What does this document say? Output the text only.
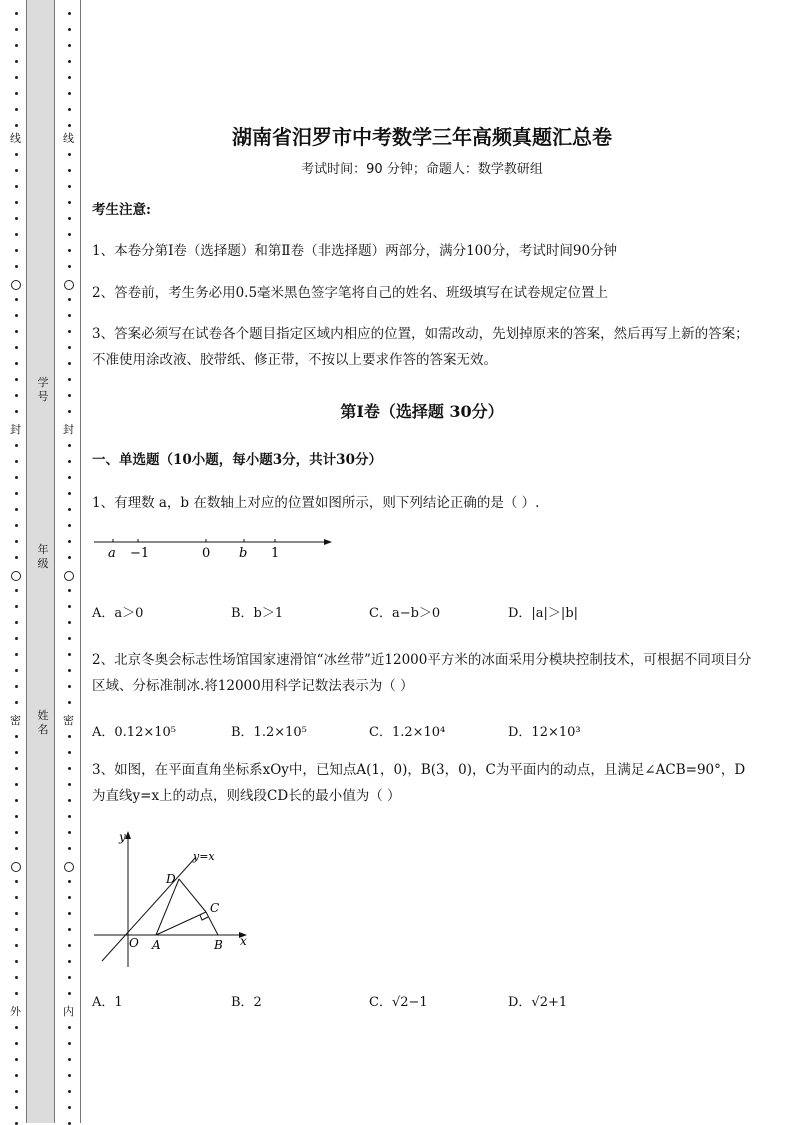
学号
年级
姓名
湖南省汨罗市中考数学三年高频真题汇总卷
考试时间：90 分钟；命题人：数学教研组
考生注意:
1、本卷分第I卷（选择题）和第Ⅱ卷（非选择题）两部分，满分100分，考试时间90分钟
2、答卷前，考生务必用0.5毫米黑色签字笔将自己的姓名、班级填写在试卷规定位置上
3、答案必须写在试卷各个题目指定区域内相应的位置，如需改动，先划掉原来的答案，然后再写上新的答案；不准使用涂改液、胶带纸、修正带，不按以上要求作答的答案无效。
第I卷（选择题 30分）
一、单选题（10小题，每小题3分，共计30分）
1、有理数 a，b 在数轴上对应的位置如图所示，则下列结论正确的是（ ）.
a −1	0 b 1
A．a＞0	B．b＞1	C．a−b＞0	D．|a|＞|b|
2、北京冬奥会标志性场馆国家速滑馆“冰丝带”近12000平方米的冰面采用分模块控制技术，可根据不同项目分区域、分标准制冰.将12000用科学记数法表示为（ ）
A．0.12×10⁵	B．1.2×10⁵	C．1.2×10⁴	D．12×10³
3、如图，在平面直角坐标系xOy中，已知点A(1，0)，B(3，0)，C为平面内的动点，且满足∠ACB=90°，D为直线y=x上的动点，则线段CD长的最小值为（ ）
y
y=x
D
C
O A	B x
A．1	B．2	C．√2−1	D．√2+1
线
封
密
外
线
封
密
内
